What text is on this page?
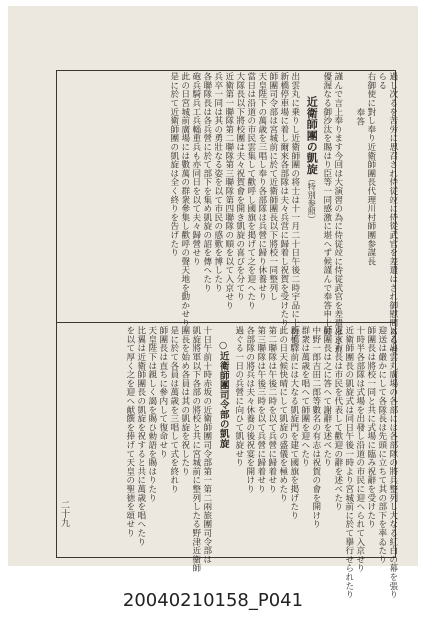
過し次るを苦労に思召され侍従竝に侍從武官を差遣はされ御慰問あらせ
らる
右御使に對し奉り近衛師團長代理川村師團参謀長
奉答
謹んで言上奉ります今回は大演習の為に侍従竝に侍従武官を差遣はされ
優渥なる御沙汰を賜はり臣等一同感激に堪へず候謹んで奉答申上候
近衛師團の凱旋（特別参照）
出雲丸に乗りし近衛師團の将士は十一月二十日午後二時宇品に上陸し
新橋停車場に着し爾來各部隊は夫々兵営に歸着し祝賀を受けたり
師團司令部は宮城前に於て近衛師團長以下將校一同整列し
天皇陛下の萬歳を三唱し奉り各部隊は兵營に歸り休養せり
當日は沿道の市民雲集して歡呼し國旗を掲げて之を迎へたり
大隊長以下將校團は夫々祝賀會を開き凱旋の喜びを分てり
近衛第一聯隊第二聯隊第三聯隊第四聯隊の順を以て入京せり
兵卒一同は其の勇壯なる姿を以て市民の感歎を博したり
各聯隊長は各兵營に於て部下を集め凱旋の詔を傳へたり
砲兵騎兵工兵輜重兵も亦同日を以て夫々歸營せり
此の日宮城前廣場には數萬の群衆參集し歡呼の聲天地を動かせり
是に於て近衛師團の凱旋は全く終りを告げたり
ける出雲丸廣場の各部には各部隊の將兵整列し大なる紅白の幕を張り
迎送は嚴かにして各隊長は先頭に立ちて其の部下を率ゐたり
師團長は將校一同と共に式場に臨み祝辭を受けたり
十時半各部隊は式場を出發し沿道の市民に迎へられて入京せり
近衛師團長の凱旋式は同日午後一時より宮城前に於て擧行せられたり
東京市長は市民を代表して歡迎の辭を述べたり
師團長は之に答へて謝辭を述べたり
中野一郎吉田二郎等數名の有志は祝賀の會を開けり
群衆は萬歳を唱へて師團を迎へたり
新橋驛前には大なる凱旋門を建て國旗を掲げたり
此の日天候快晴にして凱旋の盛儀を極めたり
第二聯隊は午後二時を以て兵營に歸着せり
第三聯隊は午後三時を以て兵營に歸着せり
各部隊の將兵は夫々休養の後祝宴を開けり
過ぐる一日の兵營に向ひて凱旋せり
○近衛師團司令部の凱旋
十日午前十時赤坂の近衛師團司令部第一第二兩旅團司令部は
凱旋將軍以下各部の將校と共に宮城前に整列したる野津近衞師
團長を始め各員は其の凱旋を祝したり
是に於て各員は萬歳を三唱して式を終れり
師團長は直ちに參内して復命せり
天皇陛下は親しく謁を賜ひ勅語を賜はりたり
比翼は近衛師團長の凱旋を祝すると共に萬歳を唱へたり
を以て厚く之を迎へ献饌を捧げて天皇の聖徳を頌せり
二十九
20040210158_P041
